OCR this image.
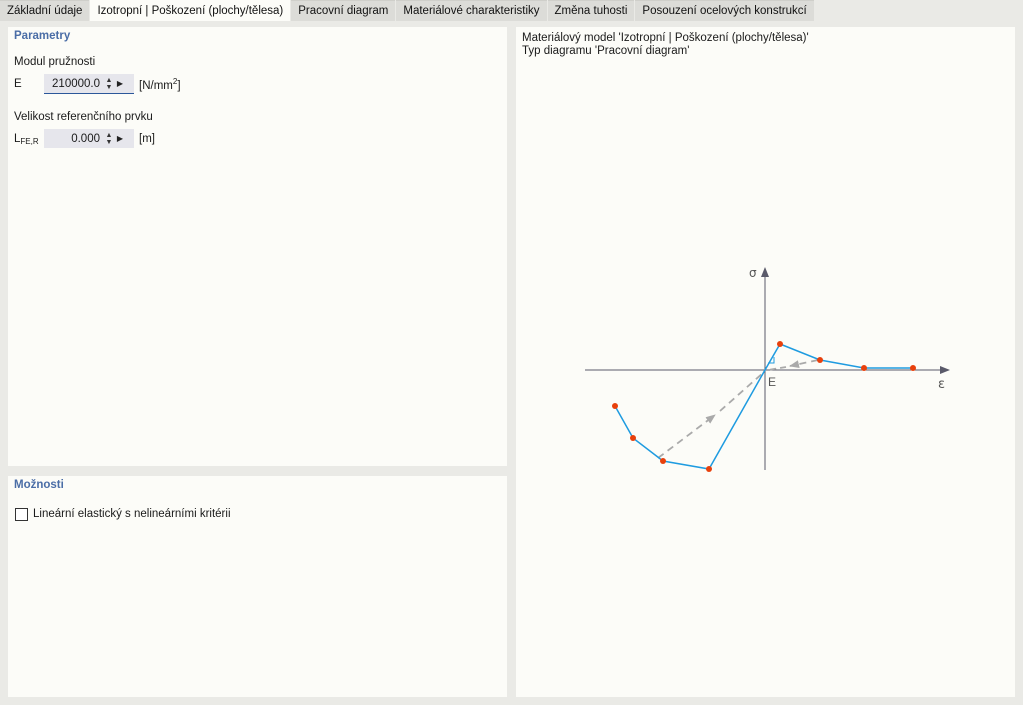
Základní údaje	Izotropní | Poškození (plochy/tělesa)	Pracovní diagram	Materiálové charakteristiky	Změna tuhosti	Posouzení ocelových konstrukcí
Parametry
Modul pružnosti
E	210000.0 ▲
▼ ▶ $[N/mm^2]$
Velikost referenčního prvku
$L_{FE,R}$	0.000 ▲
▼ ▶ [m]
Možnosti
Lineární elastický s nelineárními kritérii
Materiálový model 'Izotropní | Poškození (plochy/tělesa)'
Typ diagramu 'Pracovní diagram'
σ
ε
E
